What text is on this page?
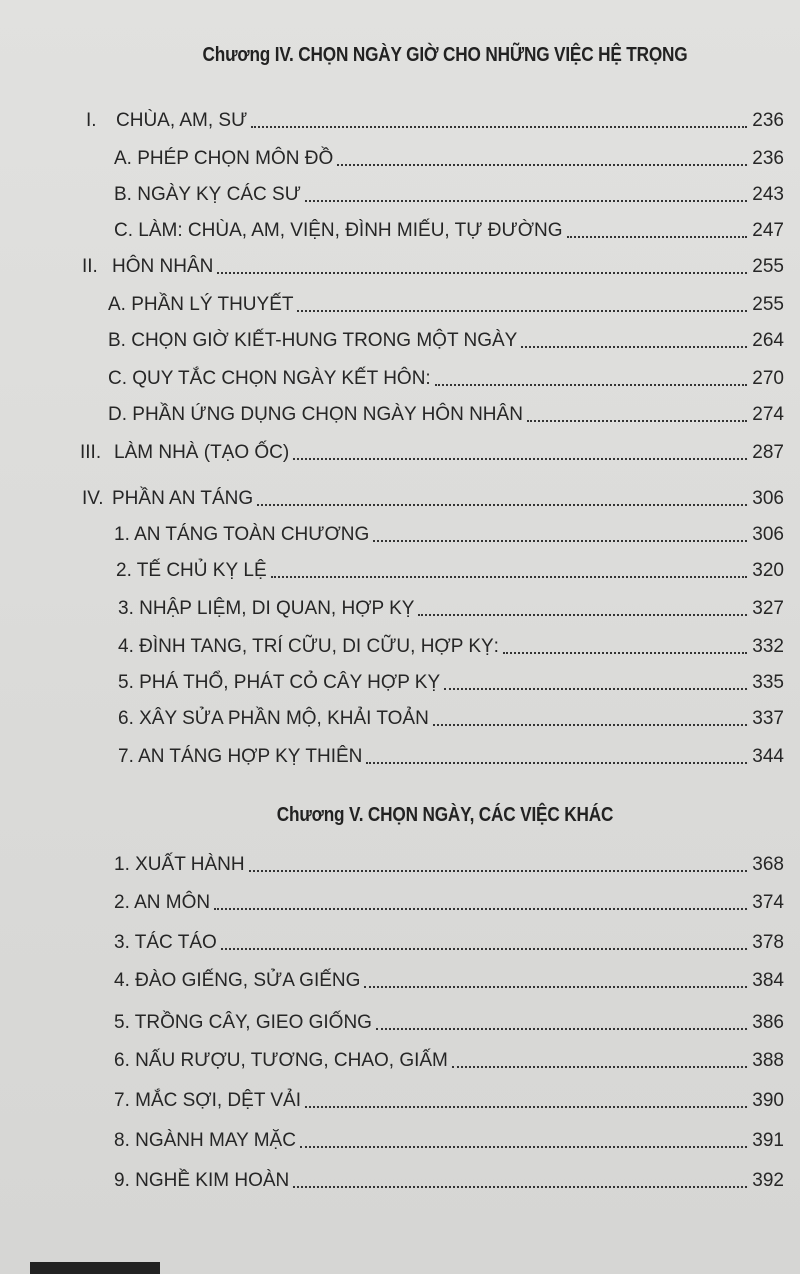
Chương IV. CHỌN NGÀY GIỜ CHO NHỮNG VIỆC HỆ TRỌNG
I. CHÙA, AM, SƯ	236
A. PHÉP CHỌN MÔN ĐỒ	236
B. NGÀY KỴ CÁC SƯ	243
C. LÀM: CHÙA, AM, VIỆN, ĐÌNH MIẾU, TỰ ĐƯỜNG	247
II. HÔN NHÂN	255
A. PHẦN LÝ THUYẾT	255
B. CHỌN GIỜ KIẾT-HUNG TRONG MỘT NGÀY	264
C. QUY TẮC CHỌN NGÀY KẾT HÔN:	270
D. PHẦN ỨNG DỤNG CHỌN NGÀY HÔN NHÂN	274
III. LÀM NHÀ (TẠO ỐC)	287
IV. PHẦN AN TÁNG	306
1. AN TÁNG TOÀN CHƯƠNG	306
2. TẾ CHỦ KỴ LỆ	320
3. NHẬP LIỆM, DI QUAN, HỢP KỴ	327
4. ĐÌNH TANG, TRÍ CỮU, DI CỮU, HỢP KỴ:	332
5. PHÁ THỔ, PHÁT CỎ CÂY HỢP KỴ	335
6. XÂY SỬA PHẦN MỘ, KHẢI TOẢN	337
7. AN TÁNG HỢP KỴ THIÊN	344
Chương V. CHỌN NGÀY, CÁC VIỆC KHÁC
1. XUẤT HÀNH	368
2. AN MÔN	374
3. TÁC TÁO	378
4. ĐÀO GIẾNG, SỬA GIẾNG	384
5. TRỒNG CÂY, GIEO GIỐNG	386
6. NẤU RƯỢU, TƯƠNG, CHAO, GIẤM	388
7. MẮC SỢI, DỆT VẢI	390
8. NGÀNH MAY MẶC	391
9. NGHỀ KIM HOÀN	392
